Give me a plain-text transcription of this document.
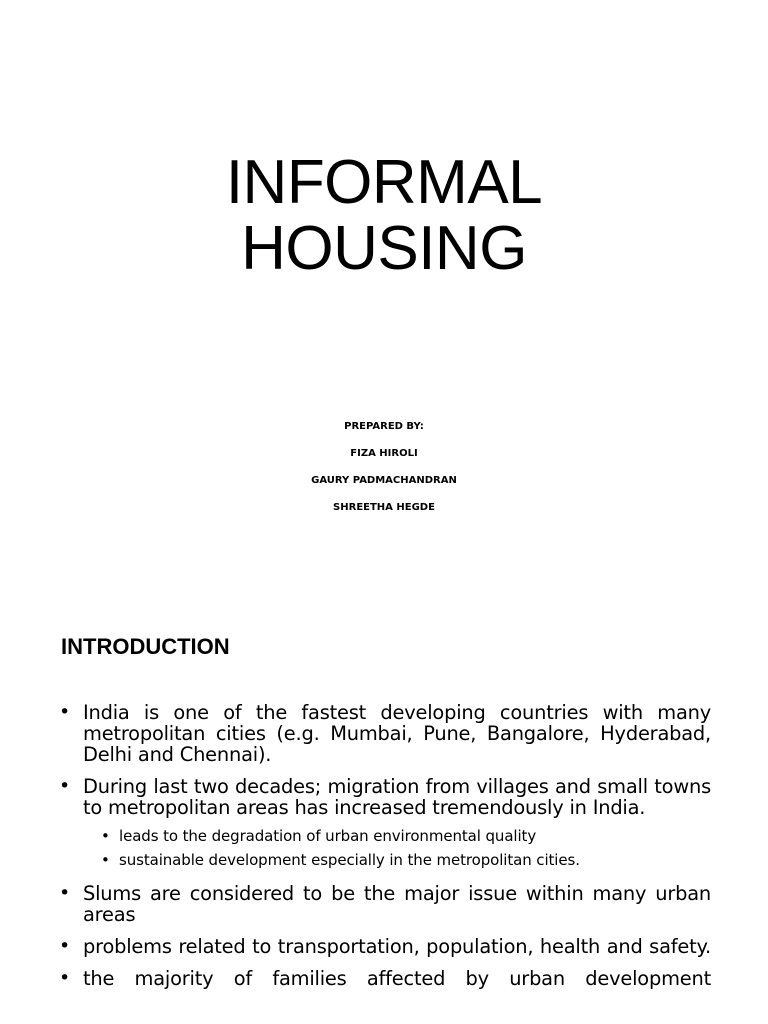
INFORMAL
HOUSING
PREPARED BY:
FIZA HIROLI
GAURY PADMACHANDRAN
SHREETHA HEGDE
INTRODUCTION
• India is one of the fastest developing countries with many metropolitan cities (e.g. Mumbai, Pune, Bangalore, Hyderabad, Delhi and Chennai).
• During last two decades; migration from villages and small towns to metropolitan areas has increased tremendously in India.
• leads to the degradation of urban environmental quality
• sustainable development especially in the metropolitan cities.
• Slums are considered to be the major issue within many urban areas
• problems related to transportation, population, health and safety.
• the majority of families affected by urban development
